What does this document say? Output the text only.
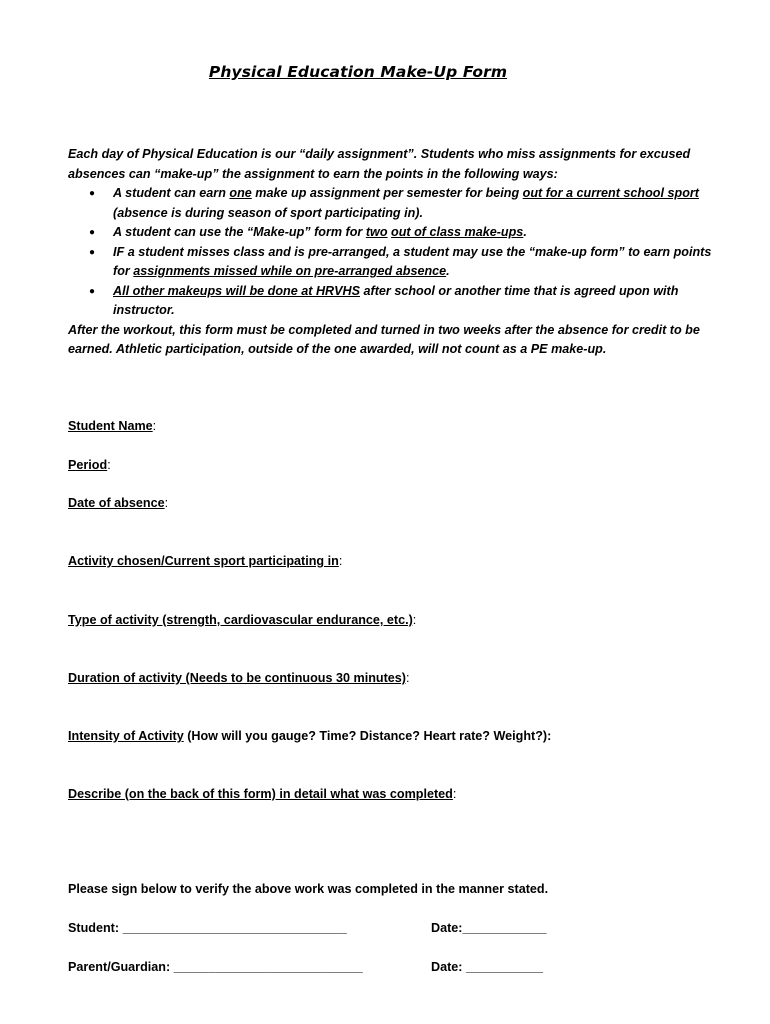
Physical Education Make-Up Form

Each day of Physical Education is our “daily assignment”. Students who miss assignments for excused absences can “make-up” the assignment to earn the points in the following ways:

● A student can earn one make up assignment per semester for being out for a current school sport (absence is during season of sport participating in).
● A student can use the “Make-up” form for two out of class make-ups.
● IF a student misses class and is pre-arranged, a student may use the “make-up form” to earn points for assignments missed while on pre-arranged absence.
● All other makeups will be done at HRVHS after school or another time that is agreed upon with instructor.

After the workout, this form must be completed and turned in two weeks after the absence for credit to be earned. Athletic participation, outside of the one awarded, will not count as a PE make-up.

Student Name:
Period:
Date of absence:
Activity chosen/Current sport participating in:
Type of activity (strength, cardiovascular endurance, etc.):
Duration of activity (Needs to be continuous 30 minutes):
Intensity of Activity (How will you gauge? Time? Distance? Heart rate? Weight?):
Describe (on the back of this form) in detail what was completed:
Please sign below to verify the above work was completed in the manner stated.
Student: ________________________________	Date:____________
Parent/Guardian: ___________________________	Date: ___________
